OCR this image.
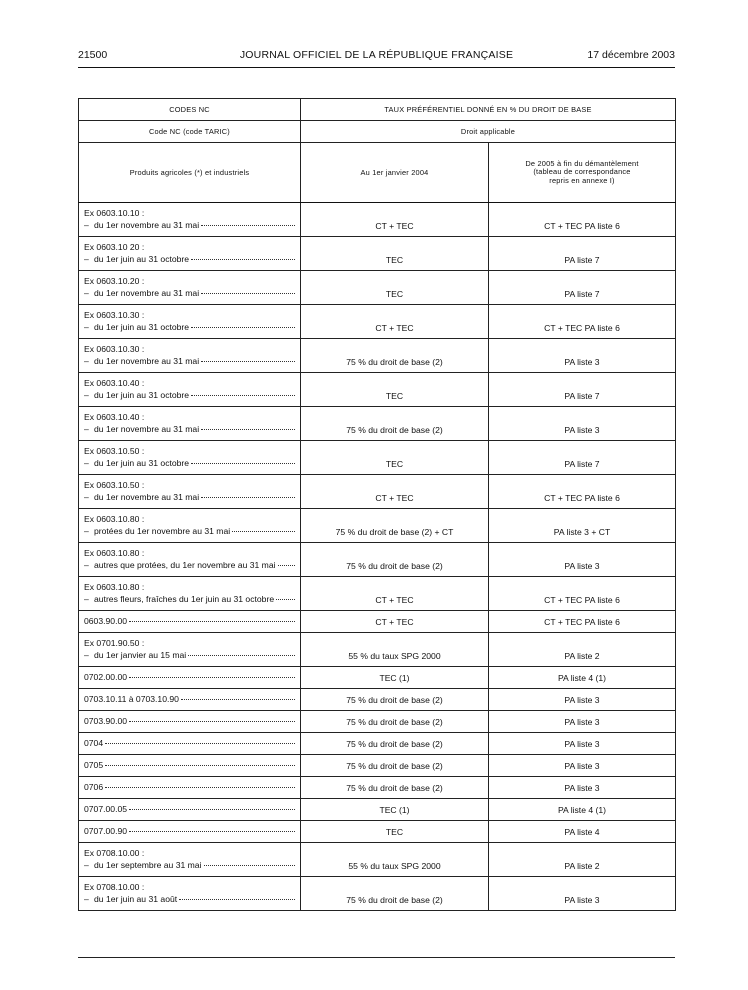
21500	JOURNAL OFFICIEL DE LA RÉPUBLIQUE FRANÇAISE	17 décembre 2003
CODES NC	TAUX PRÉFÉRENTIEL DONNÉ EN % DU DROIT DE BASE	
Code NC (code TARIC)	Droit applicable	
Produits agricoles (*) et industriels	Au 1er janvier 2004	De 2005 à fin du démantèlement
(tableau de correspondance
repris en annexe I)

Ex 0603.10.10 :
– du 1er novembre au 31 mai	CT + TEC	CT + TEC PA liste 6

Ex 0603.10 20 :
– du 1er juin au 31 octobre	TEC	PA liste 7

Ex 0603.10.20 :
– du 1er novembre au 31 mai	TEC	PA liste 7

Ex 0603.10.30 :
– du 1er juin au 31 octobre	CT + TEC	CT + TEC PA liste 6

Ex 0603.10.30 :
– du 1er novembre au 31 mai	75 % du droit de base (2)	PA liste 3

Ex 0603.10.40 :
– du 1er juin au 31 octobre	TEC	PA liste 7

Ex 0603.10.40 :
– du 1er novembre au 31 mai	75 % du droit de base (2)	PA liste 3

Ex 0603.10.50 :
– du 1er juin au 31 octobre	TEC	PA liste 7

Ex 0603.10.50 :
– du 1er novembre au 31 mai	CT + TEC	CT + TEC PA liste 6

Ex 0603.10.80 :
– protées du 1er novembre au 31 mai	75 % du droit de base (2) + CT	PA liste 3 + CT

Ex 0603.10.80 :
– autres que protées, du 1er novembre au 31 mai	75 % du droit de base (2)	PA liste 3

Ex 0603.10.80 :
– autres fleurs, fraîches du 1er juin au 31 octobre	CT + TEC	CT + TEC PA liste 6

0603.90.00	CT + TEC	CT + TEC PA liste 6

Ex 0701.90.50 :
– du 1er janvier au 15 mai	55 % du taux SPG 2000	PA liste 2

0702.00.00	TEC (1)	PA liste 4 (1)

0703.10.11 à 0703.10.90	75 % du droit de base (2)	PA liste 3

0703.90.00	75 % du droit de base (2)	PA liste 3

0704	75 % du droit de base (2)	PA liste 3

0705	75 % du droit de base (2)	PA liste 3

0706	75 % du droit de base (2)	PA liste 3

0707.00.05	TEC (1)	PA liste 4 (1)

0707.00.90	TEC	PA liste 4

Ex 0708.10.00 :
– du 1er septembre au 31 mai	55 % du taux SPG 2000	PA liste 2

Ex 0708.10.00 :
– du 1er juin au 31 août	75 % du droit de base (2)	PA liste 3
